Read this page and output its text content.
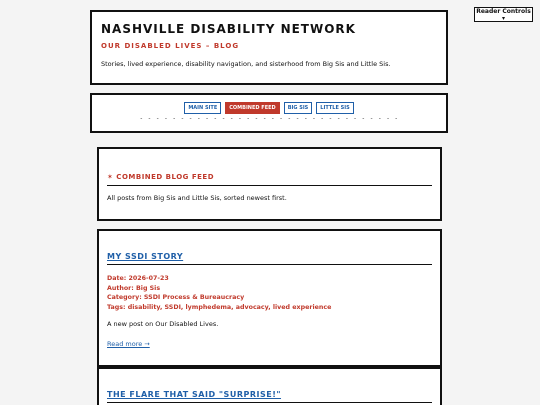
Reader Controls ▾
NASHVILLE DISABILITY NETWORK
OUR DISABLED LIVES – BLOG
Stories, lived experience, disability navigation, and sisterhood from Big Sis and Little Sis.
MAIN SITE	COMBINED FEED	BIG SIS	LITTLE SIS
- - - - - - - - - - - - - - - - - - - - - - - - - - - - - - - -
✶ COMBINED BLOG FEED
All posts from Big Sis and Little Sis, sorted newest first.
MY SSDI STORY
Date: 2026-07-23
Author: Big Sis
Category: SSDI Process & Bureaucracy
Tags: disability, SSDI, lymphedema, advocacy, lived experience
A new post on Our Disabled Lives.
Read more →
THE FLARE THAT SAID "SURPRISE!"
